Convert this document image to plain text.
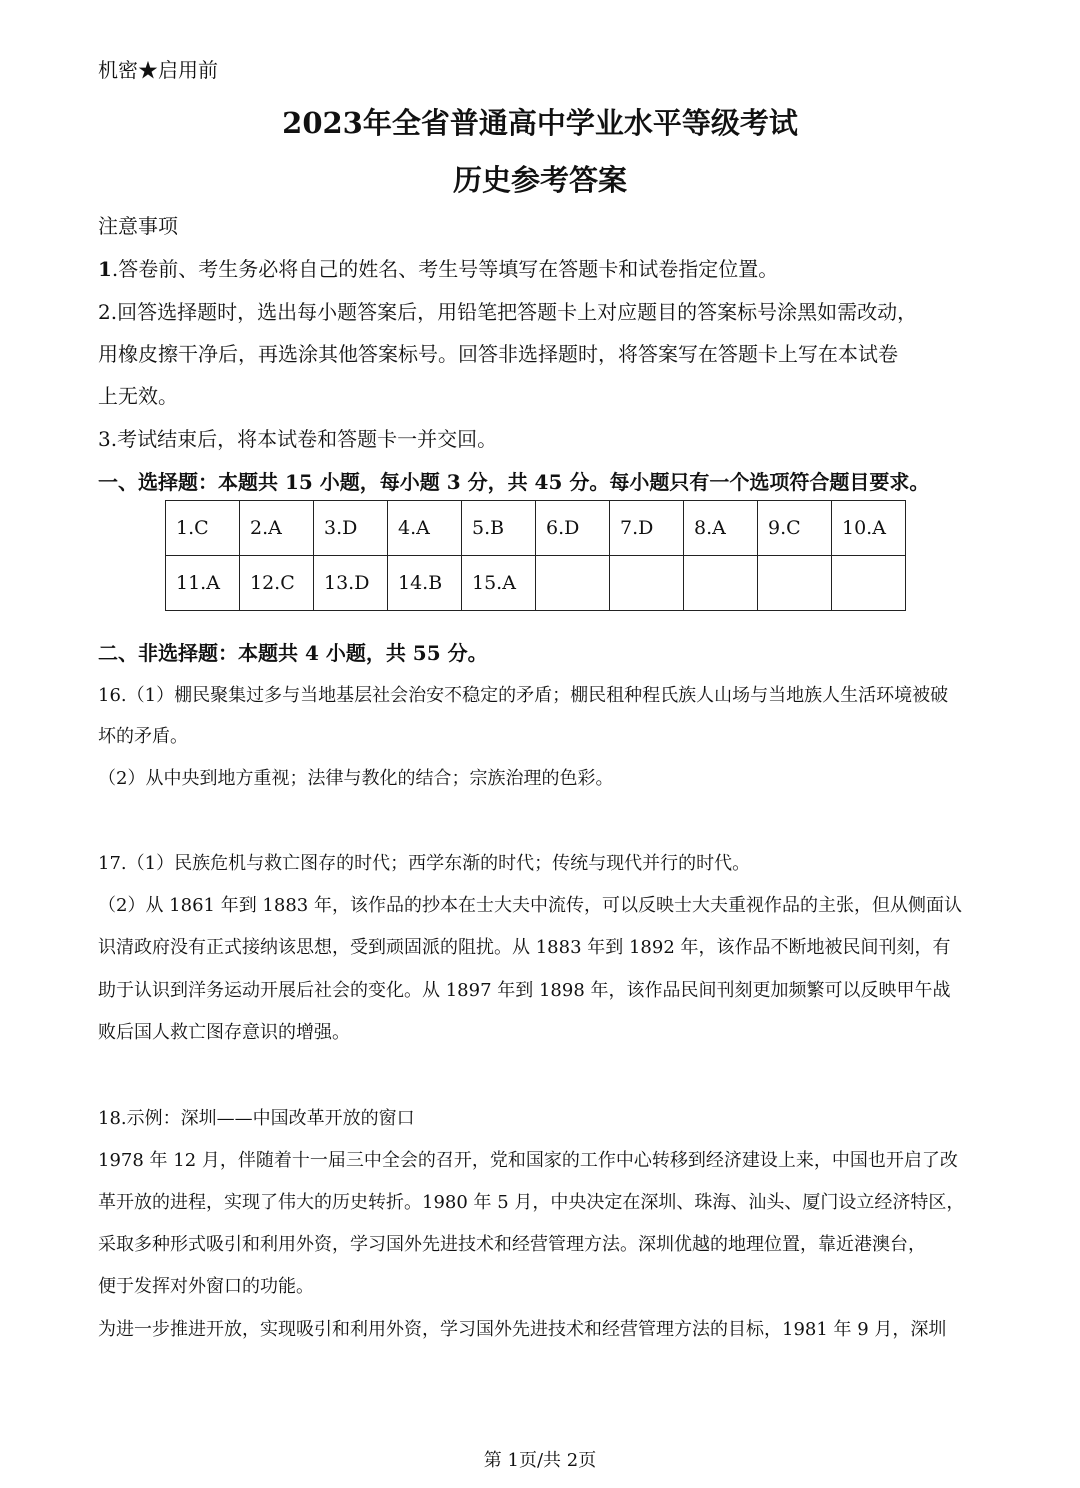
机密★启用前
2023年全省普通高中学业水平等级考试
历史参考答案
注意事项
1.答卷前、考生务必将自己的姓名、考生号等填写在答题卡和试卷指定位置。
2.回答选择题时，选出每小题答案后，用铅笔把答题卡上对应题目的答案标号涂黑如需改动，
用橡皮擦干净后，再选涂其他答案标号。回答非选择题时，将答案写在答题卡上写在本试卷
上无效。
3.考试结束后，将本试卷和答题卡一并交回。
一、选择题：本题共 15 小题，每小题 3 分，共 45 分。每小题只有一个选项符合题目要求。
1.C	2.A	3.D	4.A	5.B	6.D	7.D	8.A	9.C	10.A
11.A	12.C	13.D	14.B	15.A					
二、非选择题：本题共 4 小题，共 55 分。
16.（1）棚民聚集过多与当地基层社会治安不稳定的矛盾；棚民租种程氏族人山场与当地族人生活环境被破
坏的矛盾。
（2）从中央到地方重视；法律与教化的结合；宗族治理的色彩。
17.（1）民族危机与救亡图存的时代；西学东渐的时代；传统与现代并行的时代。
（2）从 1861 年到 1883 年，该作品的抄本在士大夫中流传，可以反映士大夫重视作品的主张，但从侧面认
识清政府没有正式接纳该思想，受到顽固派的阻扰。从 1883 年到 1892 年，该作品不断地被民间刊刻，有
助于认识到洋务运动开展后社会的变化。从 1897 年到 1898 年，该作品民间刊刻更加频繁可以反映甲午战
败后国人救亡图存意识的增强。
18.示例：深圳——中国改革开放的窗口
1978 年 12 月，伴随着十一届三中全会的召开，党和国家的工作中心转移到经济建设上来，中国也开启了改
革开放的进程，实现了伟大的历史转折。1980 年 5 月，中央决定在深圳、珠海、汕头、厦门设立经济特区，
采取多种形式吸引和利用外资，学习国外先进技术和经营管理方法。深圳优越的地理位置，靠近港澳台，
便于发挥对外窗口的功能。
为进一步推进开放，实现吸引和利用外资，学习国外先进技术和经营管理方法的目标，1981 年 9 月，深圳
第 1页/共 2页
